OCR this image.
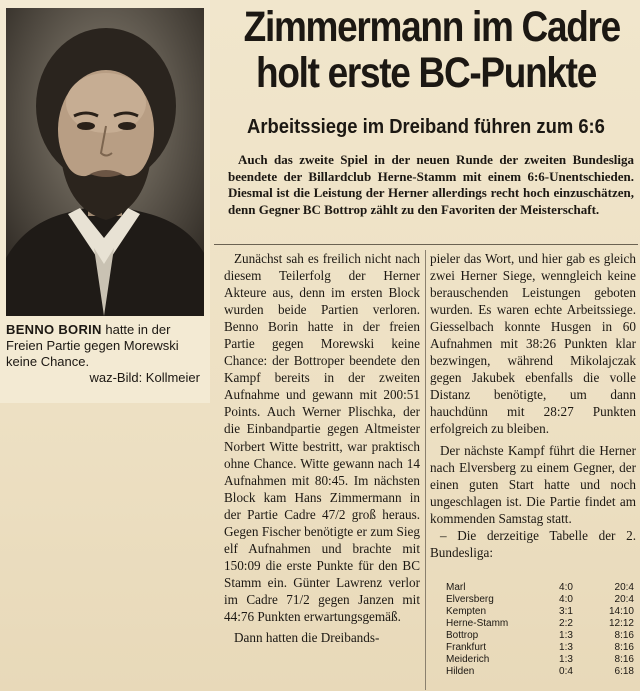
BENNO BORIN hatte in der Freien Partie gegen Morewski keine Chance.
waz-Bild: Kollmeier
Zimmermann im Cadre
holt erste BC-Punkte
Arbeitssiege im Dreiband führen zum 6:6

Auch das zweite Spiel in der neuen Runde der zweiten Bundesliga beendete der Billardclub Herne-Stamm mit einem 6:6-Unentschieden. Diesmal ist die Leistung der Herner allerdings recht hoch einzuschätzen, denn Gegner BC Bottrop zählt zu den Favoriten der Meisterschaft.

Zunächst sah es freilich nicht nach diesem Teilerfolg der Herner Akteure aus, denn im ersten Block wurden beide Partien verloren. Benno Borin hatte in der freien Partie gegen Morewski keine Chance: der Bottroper beendete den Kampf bereits in der zweiten Aufnahme und gewann mit 200:51 Points. Auch Werner Plischka, der die Einbandpartie gegen Altmeister Norbert Witte bestritt, war praktisch ohne Chance. Witte gewann nach 14 Aufnahmen mit 80:45. Im nächsten Block kam Hans Zimmermann in der Partie Cadre 47/2 groß heraus. Gegen Fischer benötigte er zum Sieg elf Aufnahmen und brachte mit 150:09 die erste Punkte für den BC Stamm ein. Günter Lawrenz verlor im Cadre 71/2 gegen Janzen mit 44:76 Punkten erwartungsgemäß.

Dann hatten die Dreibands-

pieler das Wort, und hier gab es gleich zwei Herner Siege, wenngleich keine berauschenden Leistungen geboten wurden. Es waren echte Arbeitssiege. Giesselbach konnte Husgen in 60 Aufnahmen mit 38:26 Punkten klar bezwingen, während Mikolajczak gegen Jakubek ebenfalls die volle Distanz benötigte, um dann hauchdünn mit 28:27 Punkten erfolgreich zu bleiben.

Der nächste Kampf führt die Herner nach Elversberg zu einem Gegner, der einen guten Start hatte und noch ungeschlagen ist. Die Partie findet am kommenden Samstag statt.

– Die derzeitige Tabelle der 2. Bundesliga:

Marl	4:0	20:4
Elversberg	4:0	20:4
Kempten	3:1	14:10
Herne-Stamm	2:2	12:12
Bottrop	1:3	8:16
Frankfurt	1:3	8:16
Meiderich	1:3	8:16
Hilden	0:4	6:18
